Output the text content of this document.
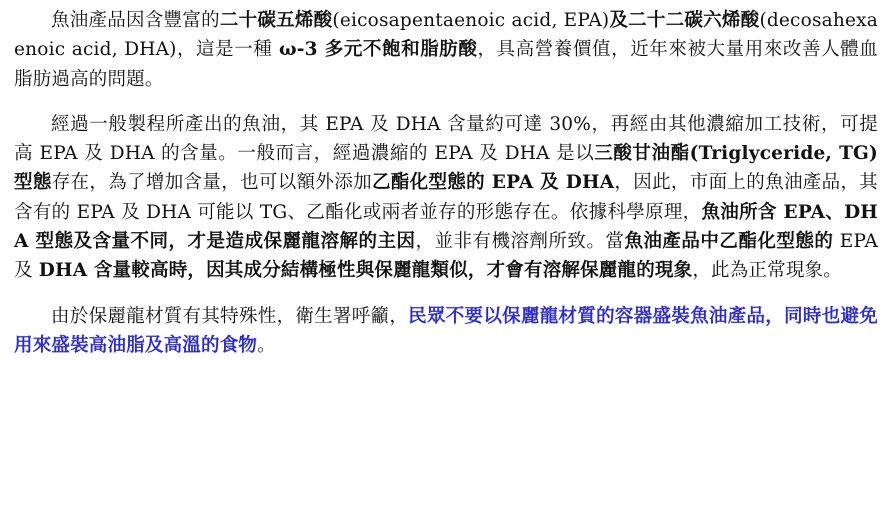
魚油產品因含豐富的二十碳五烯酸(eicosapentaenoic acid, EPA)及二十二碳六烯酸(decosahexaenoic acid, DHA)，這是一種 ω-3 多元不飽和脂肪酸，具高營養價值，近年來被大量用來改善人體血脂肪過高的問題。

經過一般製程所產出的魚油，其 EPA 及 DHA 含量約可達 30%，再經由其他濃縮加工技術，可提高 EPA 及 DHA 的含量。一般而言，經過濃縮的 EPA 及 DHA 是以三酸甘油酯(Triglyceride, TG)型態存在，為了增加含量，也可以額外添加乙酯化型態的 EPA 及 DHA，因此，市面上的魚油產品，其含有的 EPA 及 DHA 可能以 TG、乙酯化或兩者並存的形態存在。依據科學原理，魚油所含 EPA、DHA 型態及含量不同，才是造成保麗龍溶解的主因，並非有機溶劑所致。當魚油產品中乙酯化型態的 EPA 及 DHA 含量較高時，因其成分結構極性與保麗龍類似，才會有溶解保麗龍的現象，此為正常現象。

由於保麗龍材質有其特殊性，衛生署呼籲，民眾不要以保麗龍材質的容器盛裝魚油產品，同時也避免用來盛裝高油脂及高溫的食物。
